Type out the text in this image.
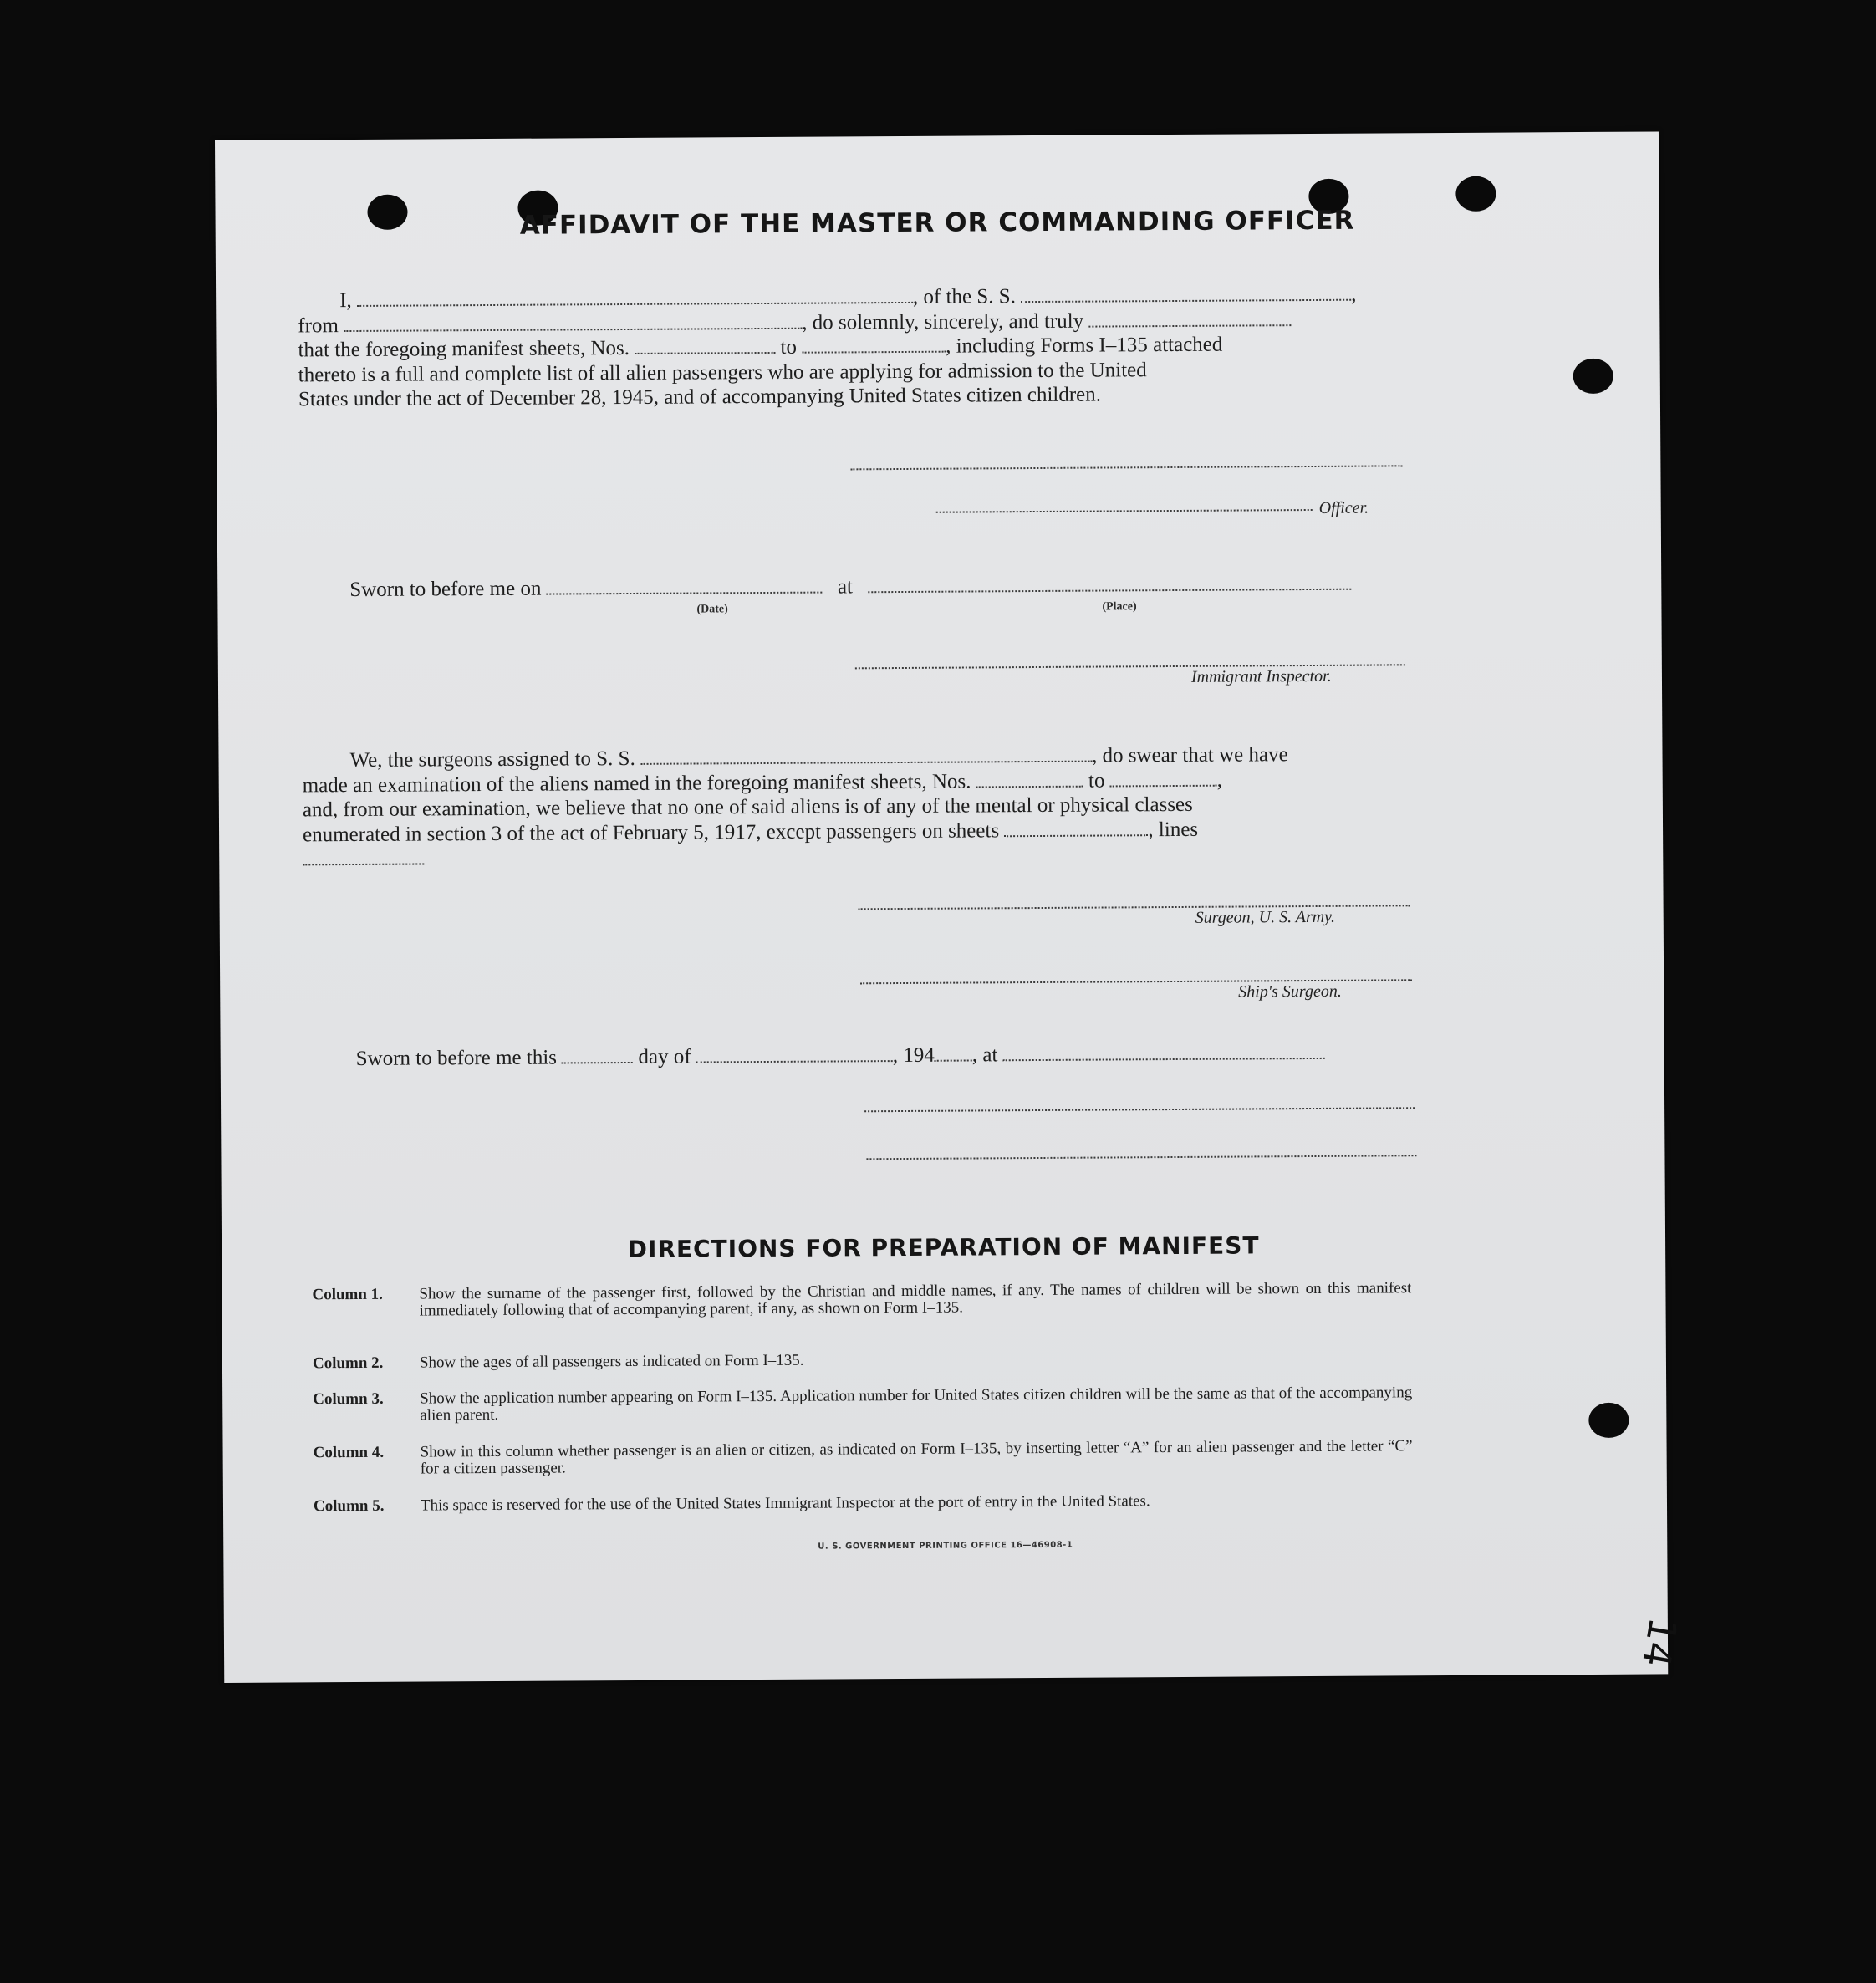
AFFIDAVIT OF THE MASTER OR COMMANDING OFFICER
I,	, of the S. S.	,
from	, do solemnly, sincerely, and truly
that the foregoing manifest sheets, Nos.	to	, including Forms I–135 attached
thereto is a full and complete list of all alien passengers who are applying for admission to the United
States under the act of December 28, 1945, and of accompanying United States citizen children.
Officer.
Sworn to before me on	at
(Date)	(Place)
Immigrant Inspector.
We, the surgeons assigned to S. S.	, do swear that we have
made an examination of the aliens named in the foregoing manifest sheets, Nos.	to	,
and, from our examination, we believe that no one of said aliens is of any of the mental or physical classes
enumerated in section 3 of the act of February 5, 1917, except passengers on sheets	, lines
Surgeon, U. S. Army.
Ship's Surgeon.
Sworn to before me this	day of	, 194 , at
DIRECTIONS FOR PREPARATION OF MANIFEST
Column 1. Show the surname of the passenger first, followed by the Christian and middle names, if any. The names of children will be shown on this manifest immediately following that of accompanying parent, if any, as shown on Form I–135.
Column 2. Show the ages of all passengers as indicated on Form I–135.
Column 3. Show the application number appearing on Form I–135. Application number for United States citizen children will be the same as that of the accompanying alien parent.
Column 4. Show in this column whether passenger is an alien or citizen, as indicated on Form I–135, by inserting letter “A” for an alien passenger and the letter “C” for a citizen passenger.
Column 5. This space is reserved for the use of the United States Immigrant Inspector at the port of entry in the United States.
U. S. GOVERNMENT PRINTING OFFICE 16—46908-1
14
